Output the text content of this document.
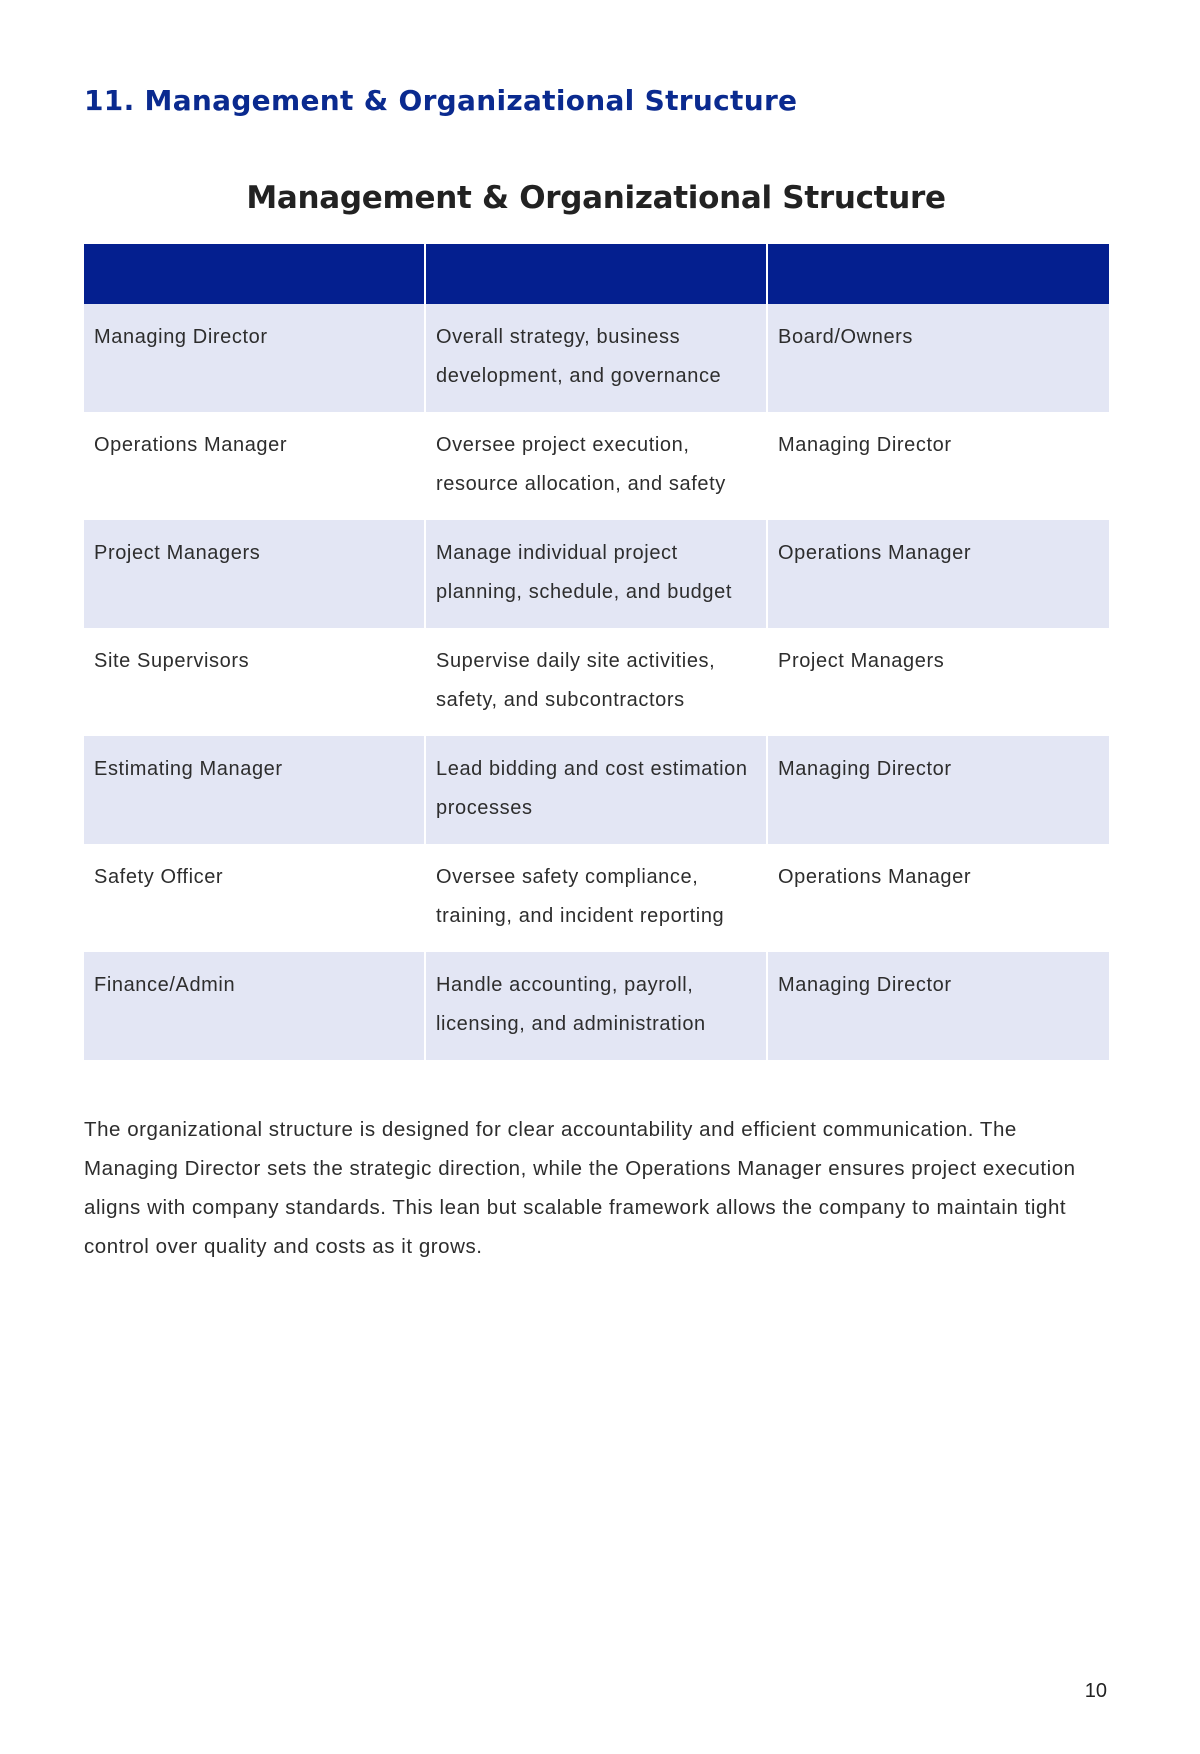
11. Management & Organizational Structure
Management & Organizational Structure

Managing Director	Overall strategy, business development, and governance	Board/Owners
Operations Manager	Oversee project execution, resource allocation, and safety	Managing Director
Project Managers	Manage individual project planning, schedule, and budget	Operations Manager
Site Supervisors	Supervise daily site activities, safety, and subcontractors	Project Managers
Estimating Manager	Lead bidding and cost estimation processes	Managing Director
Safety Officer	Oversee safety compliance, training, and incident reporting	Operations Manager
Finance/Admin	Handle accounting, payroll, licensing, and administration	Managing Director

The organizational structure is designed for clear accountability and efficient communication. The Managing Director sets the strategic direction, while the Operations Manager ensures project execution aligns with company standards. This lean but scalable framework allows the company to maintain tight control over quality and costs as it grows.

10
